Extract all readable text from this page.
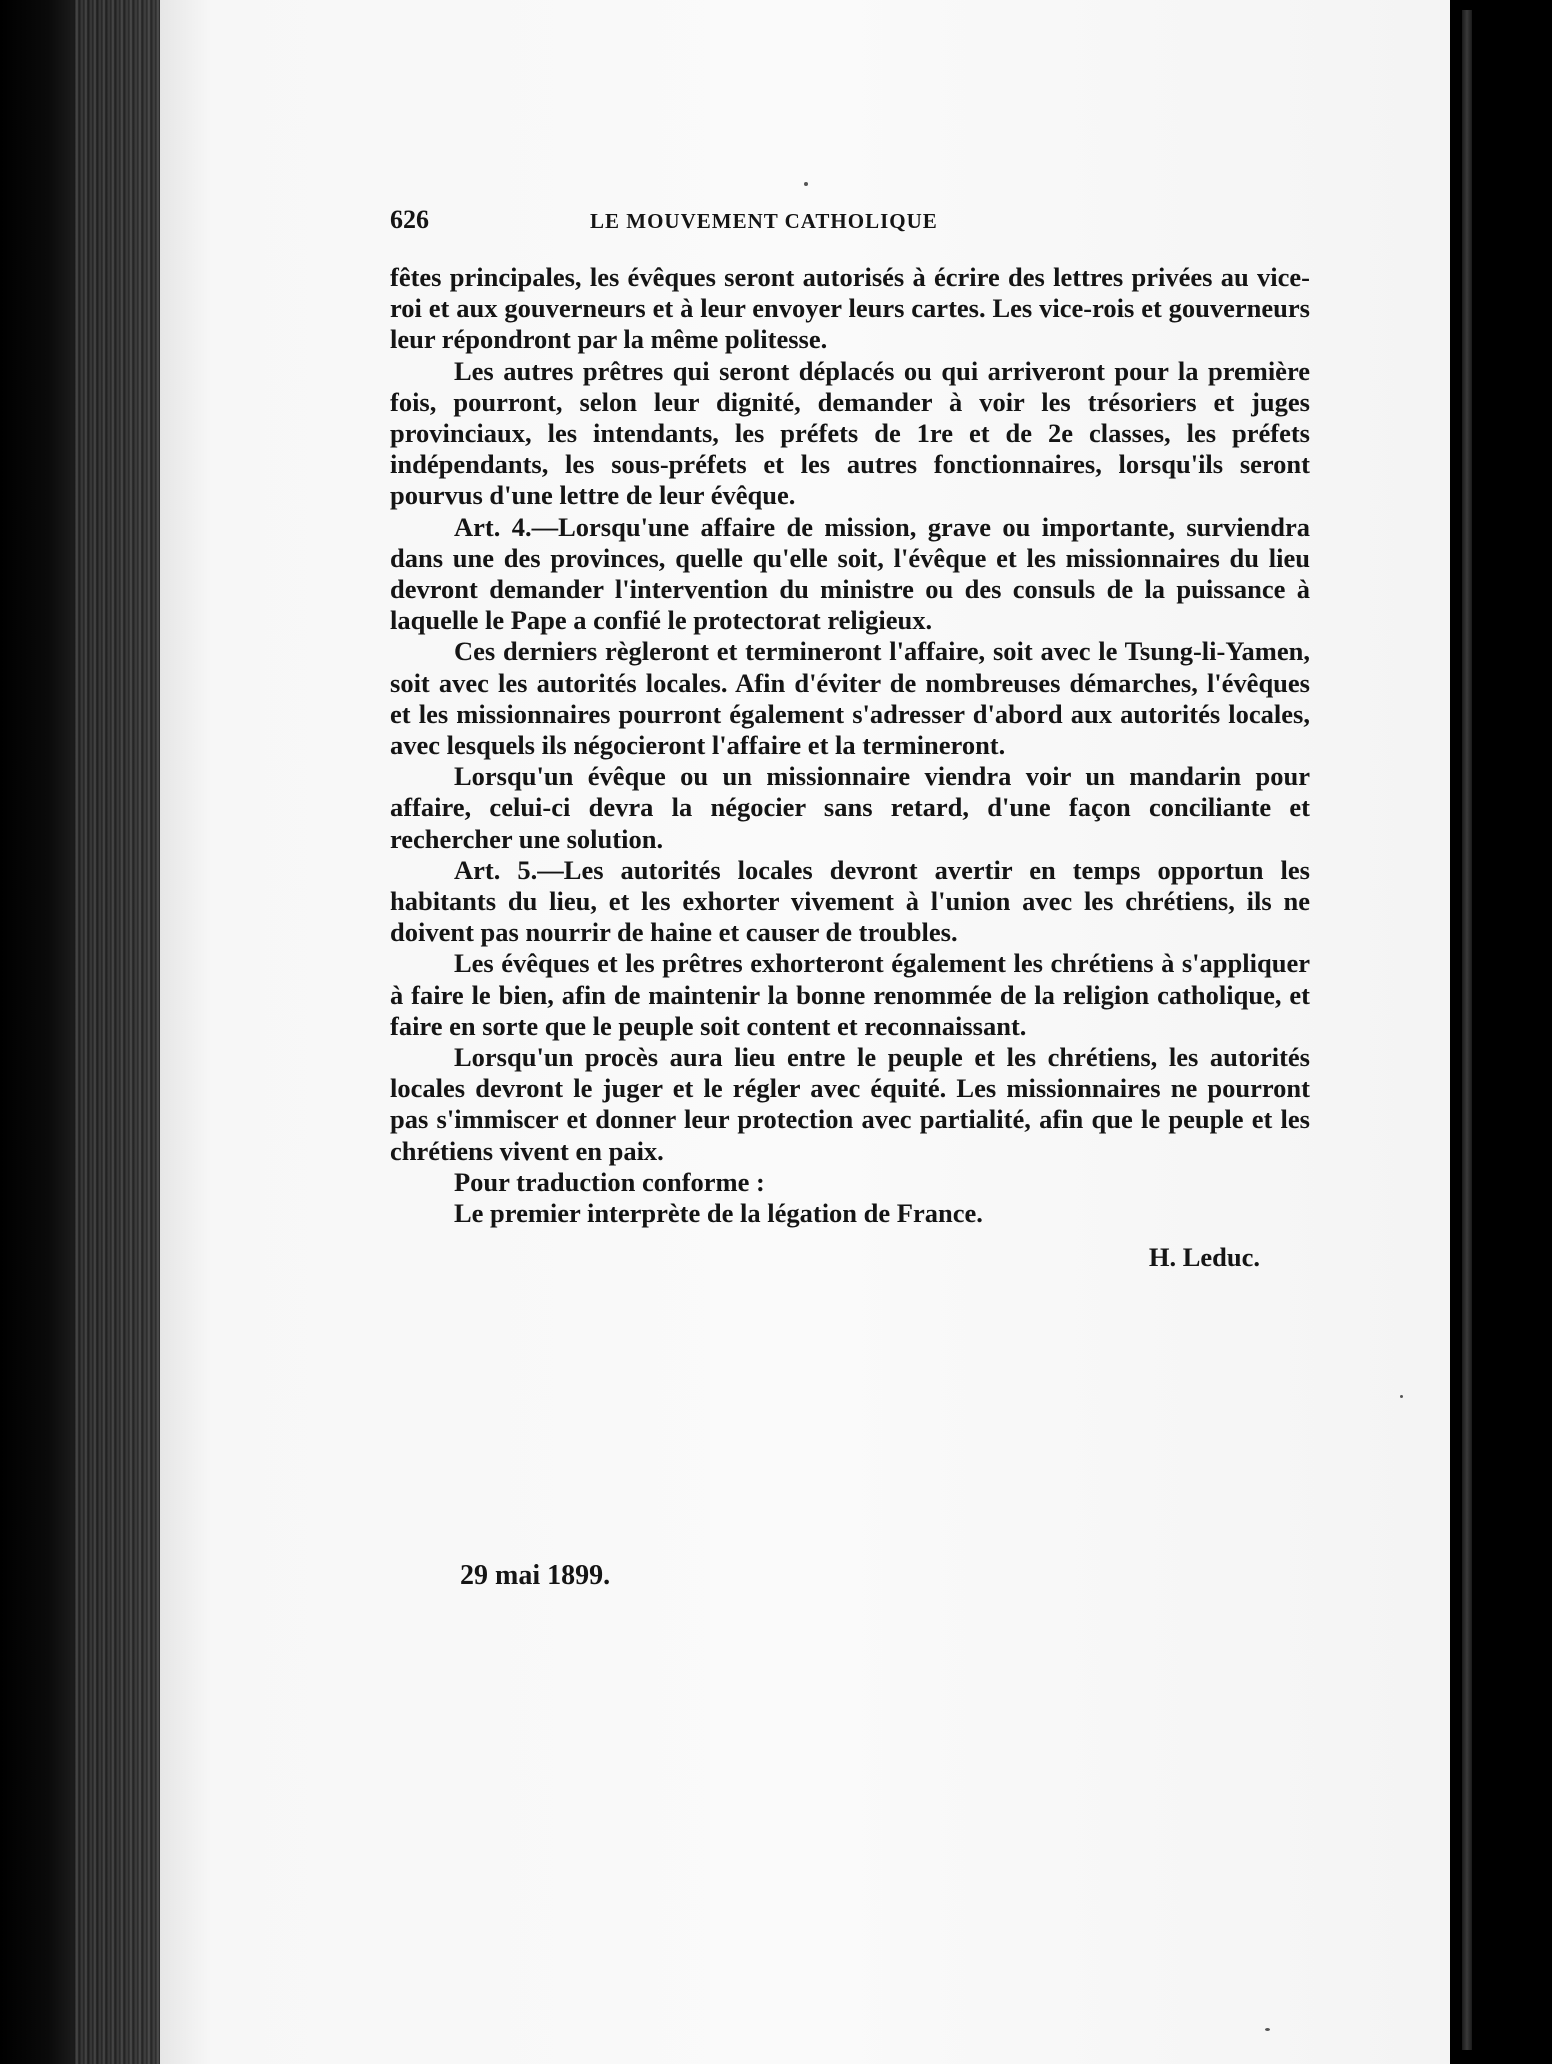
626	LE MOUVEMENT CATHOLIQUE

fêtes principales, les évêques seront autorisés à écrire des lettres privées au vice-roi et aux gouverneurs et à leur envoyer leurs cartes. Les vice-rois et gouverneurs leur répondront par la même politesse.

Les autres prêtres qui seront déplacés ou qui arriveront pour la première fois, pourront, selon leur dignité, demander à voir les trésoriers et juges provinciaux, les intendants, les préfets de 1re et de 2e classes, les préfets indépendants, les sous-préfets et les autres fonctionnaires, lorsqu'ils seront pourvus d'une lettre de leur évêque.

Art. 4.—Lorsqu'une affaire de mission, grave ou importante, surviendra dans une des provinces, quelle qu'elle soit, l'évêque et les missionnaires du lieu devront demander l'intervention du ministre ou des consuls de la puissance à laquelle le Pape a confié le protectorat religieux.

Ces derniers règleront et termineront l'affaire, soit avec le Tsung-li-Yamen, soit avec les autorités locales. Afin d'éviter de nombreuses démarches, l'évêques et les missionnaires pourront également s'adresser d'abord aux autorités locales, avec lesquels ils négocieront l'affaire et la termineront.

Lorsqu'un évêque ou un missionnaire viendra voir un mandarin pour affaire, celui-ci devra la négocier sans retard, d'une façon conciliante et rechercher une solution.

Art. 5.—Les autorités locales devront avertir en temps opportun les habitants du lieu, et les exhorter vivement à l'union avec les chrétiens, ils ne doivent pas nourrir de haine et causer de troubles.

Les évêques et les prêtres exhorteront également les chrétiens à s'appliquer à faire le bien, afin de maintenir la bonne renommée de la religion catholique, et faire en sorte que le peuple soit content et reconnaissant.

Lorsqu'un procès aura lieu entre le peuple et les chrétiens, les autorités locales devront le juger et le régler avec équité. Les missionnaires ne pourront pas s'immiscer et donner leur protection avec partialité, afin que le peuple et les chrétiens vivent en paix.

Pour traduction conforme :

Le premier interprète de la légation de France.

H. Leduc.
29 mai 1899.
